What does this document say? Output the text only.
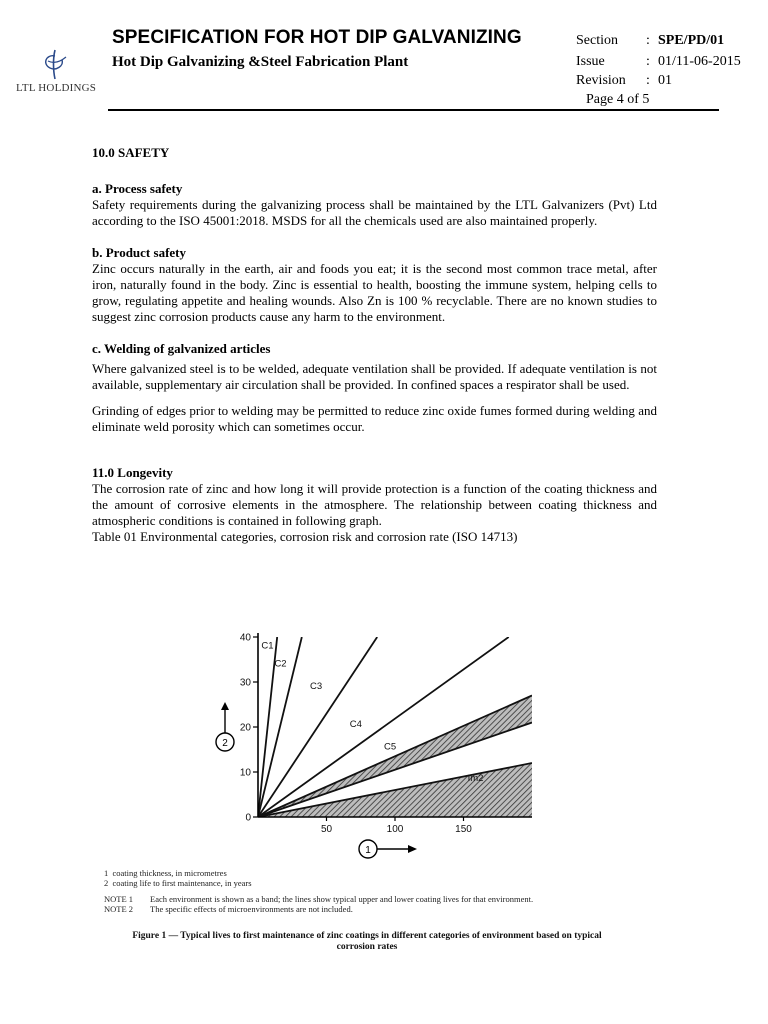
LTL HOLDINGS
SPECIFICATION FOR HOT DIP GALVANIZING
Hot Dip Galvanizing &Steel Fabrication Plant
Section : SPE/PD/01
Issue	: 01/11-06-2015
Revision : 01
Page 4 of 5

10.0 SAFETY

a. Process safety

Safety requirements during the galvanizing process shall be maintained by the LTL Galvanizers (Pvt) Ltd according to the ISO 45001:2018. MSDS for all the chemicals used are also maintained properly.

b. Product safety

Zinc occurs naturally in the earth, air and foods you eat; it is the second most common trace metal, after iron, naturally found in the body. Zinc is essential to health, boosting the immune system, helping cells to grow, regulating appetite and healing wounds. Also Zn is 100 % recyclable. There are no known studies to suggest zinc corrosion products cause any harm to the environment.

c. Welding of galvanized articles

Where galvanized steel is to be welded, adequate ventilation shall be provided. If adequate ventilation is not available, supplementary air circulation shall be provided. In confined spaces a respirator shall be used.

Grinding of edges prior to welding may be permitted to reduce zinc oxide fumes formed during welding and eliminate weld porosity which can sometimes occur.

11.0 Longevity

The corrosion rate of zinc and how long it will provide protection is a function of the coating thickness and the amount of corrosive elements in the atmosphere. The relationship between coating thickness and atmospheric conditions is contained in following graph.

Table 01 Environmental categories, corrosion risk and corrosion rate (ISO 14713)

0
10
20
30
40
50	100	150
C1
C2
C3
C4
C5
Im2
2
1
1 coating thickness, in micrometres
2 coating life to first maintenance, in years
NOTE 1 Each environment is shown as a band; the lines show typical upper and lower coating lives for that environment.
NOTE 2 The specific effects of microenvironments are not included.
Figure 1 — Typical lives to first maintenance of zinc coatings in different categories of environment based on typical
corrosion rates
